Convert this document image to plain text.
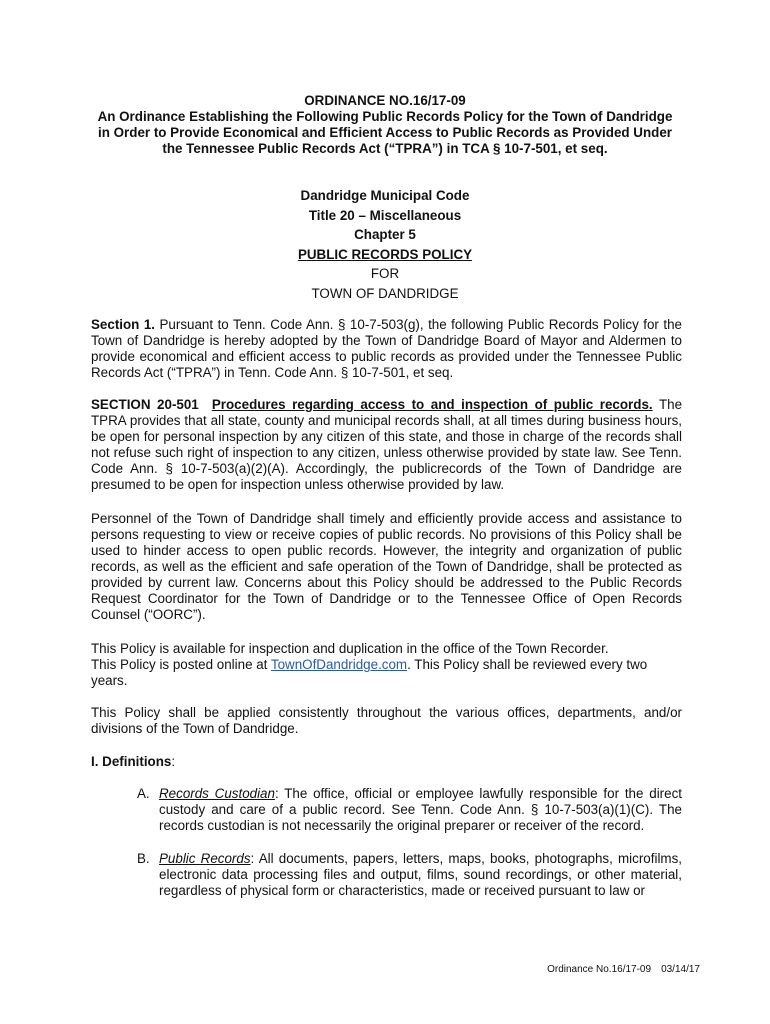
ORDINANCE NO.16/17-09
An Ordinance Establishing the Following Public Records Policy for the Town of Dandridge
in Order to Provide Economical and Efficient Access to Public Records as Provided Under
the Tennessee Public Records Act (“TPRA”) in TCA § 10-7-501, et seq.
Dandridge Municipal Code
Title 20 – Miscellaneous
Chapter 5
PUBLIC RECORDS POLICY
FOR
TOWN OF DANDRIDGE

Section 1. Pursuant to Tenn. Code Ann. § 10-7-503(g), the following Public Records Policy for the Town of Dandridge is hereby adopted by the Town of Dandridge Board of Mayor and Aldermen to provide economical and efficient access to public records as provided under the Tennessee Public Records Act (“TPRA”) in Tenn. Code Ann. § 10-7-501, et seq.

SECTION 20-501 Procedures regarding access to and inspection of public records. The TPRA provides that all state, county and municipal records shall, at all times during business hours, be open for personal inspection by any citizen of this state, and those in charge of the records shall not refuse such right of inspection to any citizen, unless otherwise provided by state law. See Tenn. Code Ann. § 10-7-503(a)(2)(A). Accordingly, the publicrecords of the Town of Dandridge are presumed to be open for inspection unless otherwise provided by law.

Personnel of the Town of Dandridge shall timely and efficiently provide access and assistance to persons requesting to view or receive copies of public records. No provisions of this Policy shall be used to hinder access to open public records. However, the integrity and organization of public records, as well as the efficient and safe operation of the Town of Dandridge, shall be protected as provided by current law. Concerns about this Policy should be addressed to the Public Records Request Coordinator for the Town of Dandridge or to the Tennessee Office of Open Records Counsel (“OORC”).

This Policy is available for inspection and duplication in the office of the Town Recorder.
This Policy is posted online at TownOfDandridge.com. This Policy shall be reviewed every two years.

This Policy shall be applied consistently throughout the various offices, departments, and/or divisions of the Town of Dandridge.

I. Definitions:

A. Records Custodian: The office, official or employee lawfully responsible for the direct custody and care of a public record. See Tenn. Code Ann. § 10-7-503(a)(1)(C). The records custodian is not necessarily the original preparer or receiver of the record.
B. Public Records: All documents, papers, letters, maps, books, photographs, microfilms, electronic data processing files and output, films, sound recordings, or other material, regardless of physical form or characteristics, made or received pursuant to law or
Ordinance No.16/17-09 03/14/17
